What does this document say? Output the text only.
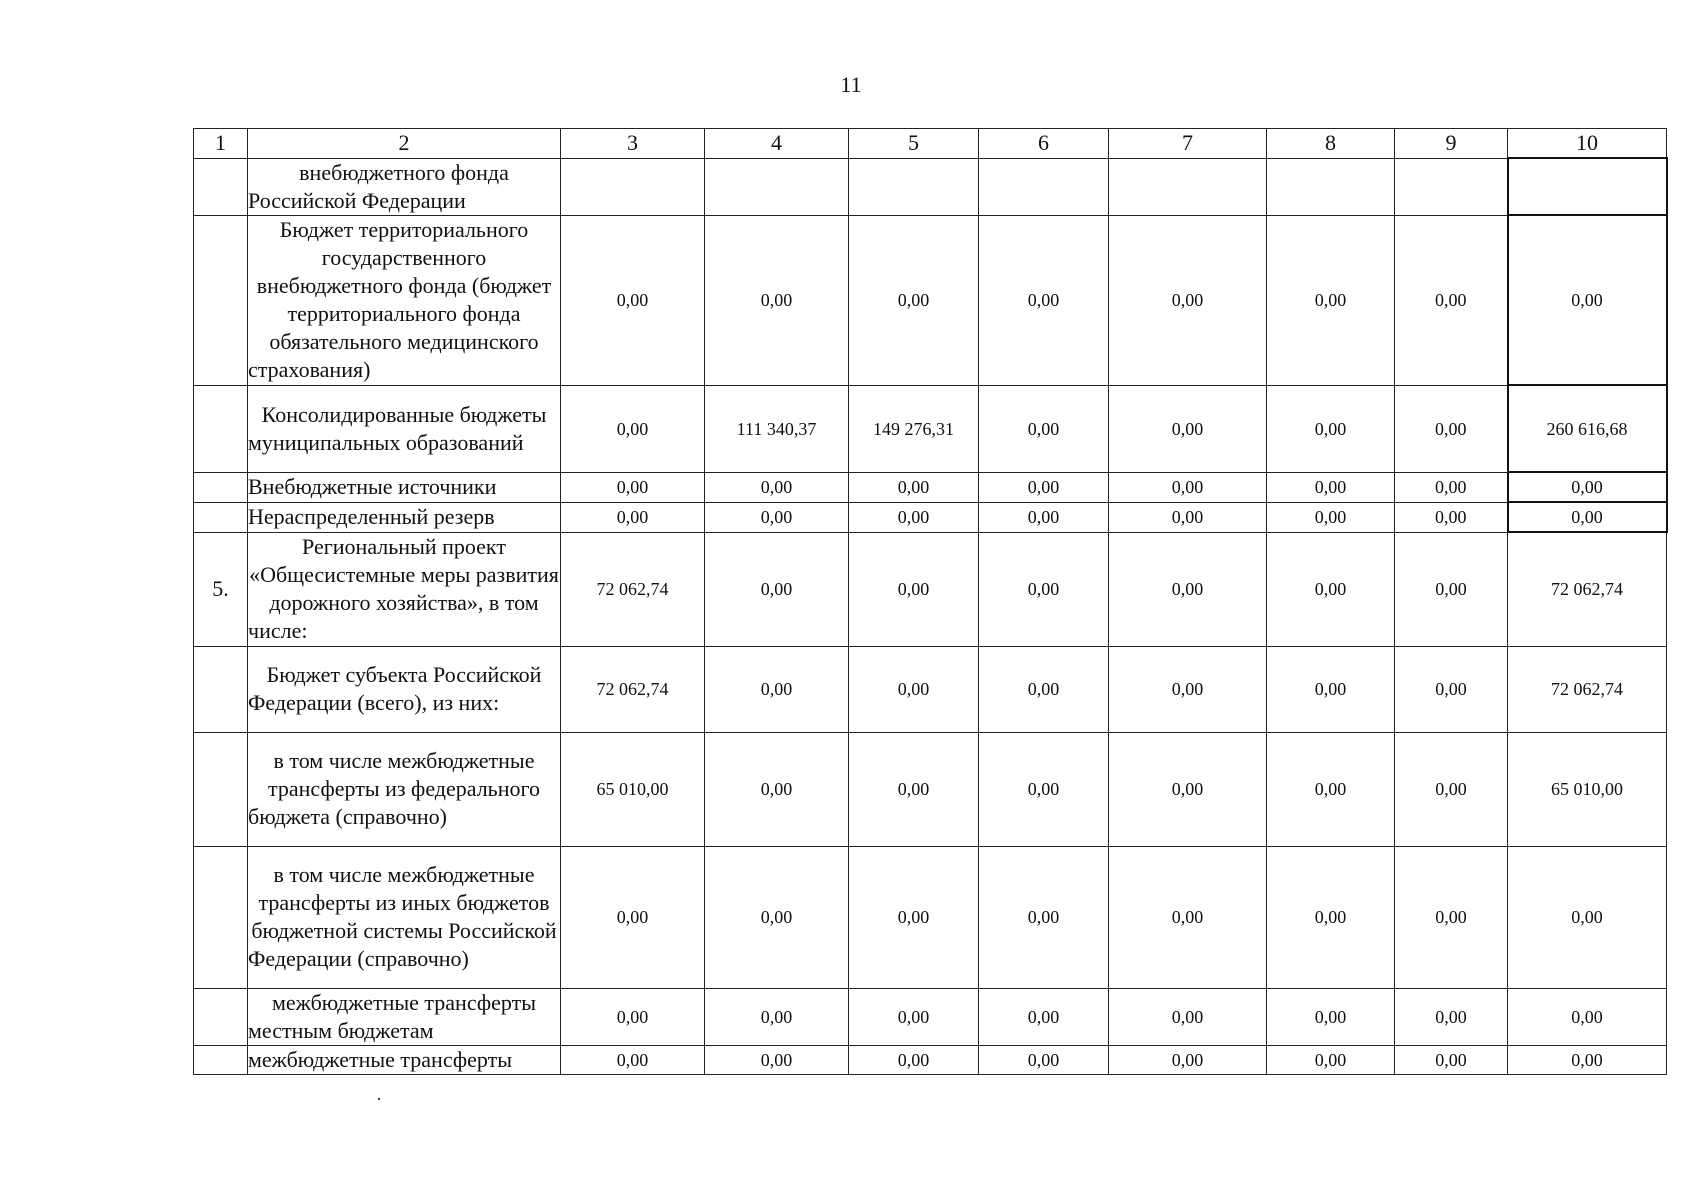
11
1	2	3	4	5	6	7	8	9	10
	внебюджетного фонда Российской Федерации								
	Бюджет территориального государственного внебюджетного фонда (бюджет территориального фонда обязательного медицинского страхования)	0,00	0,00	0,00	0,00	0,00	0,00	0,00	0,00
	Консолидированные бюджеты муниципальных образований	0,00	111 340,37	149 276,31	0,00	0,00	0,00	0,00	260 616,68
	Внебюджетные источники	0,00	0,00	0,00	0,00	0,00	0,00	0,00	0,00
	Нераспределенный резерв	0,00	0,00	0,00	0,00	0,00	0,00	0,00	0,00
5.	Региональный проект «Общесистемные меры развития дорожного хозяйства», в том числе:	72 062,74	0,00	0,00	0,00	0,00	0,00	0,00	72 062,74
	Бюджет субъекта Российской Федерации (всего), из них:	72 062,74	0,00	0,00	0,00	0,00	0,00	0,00	72 062,74
	в том числе межбюджетные трансферты из федерального бюджета (справочно)	65 010,00	0,00	0,00	0,00	0,00	0,00	0,00	65 010,00
	в том числе межбюджетные трансферты из иных бюджетов бюджетной системы Российской Федерации (справочно)	0,00	0,00	0,00	0,00	0,00	0,00	0,00	0,00
	межбюджетные трансферты местным бюджетам	0,00	0,00	0,00	0,00	0,00	0,00	0,00	0,00
	межбюджетные трансферты	0,00	0,00	0,00	0,00	0,00	0,00	0,00	0,00
